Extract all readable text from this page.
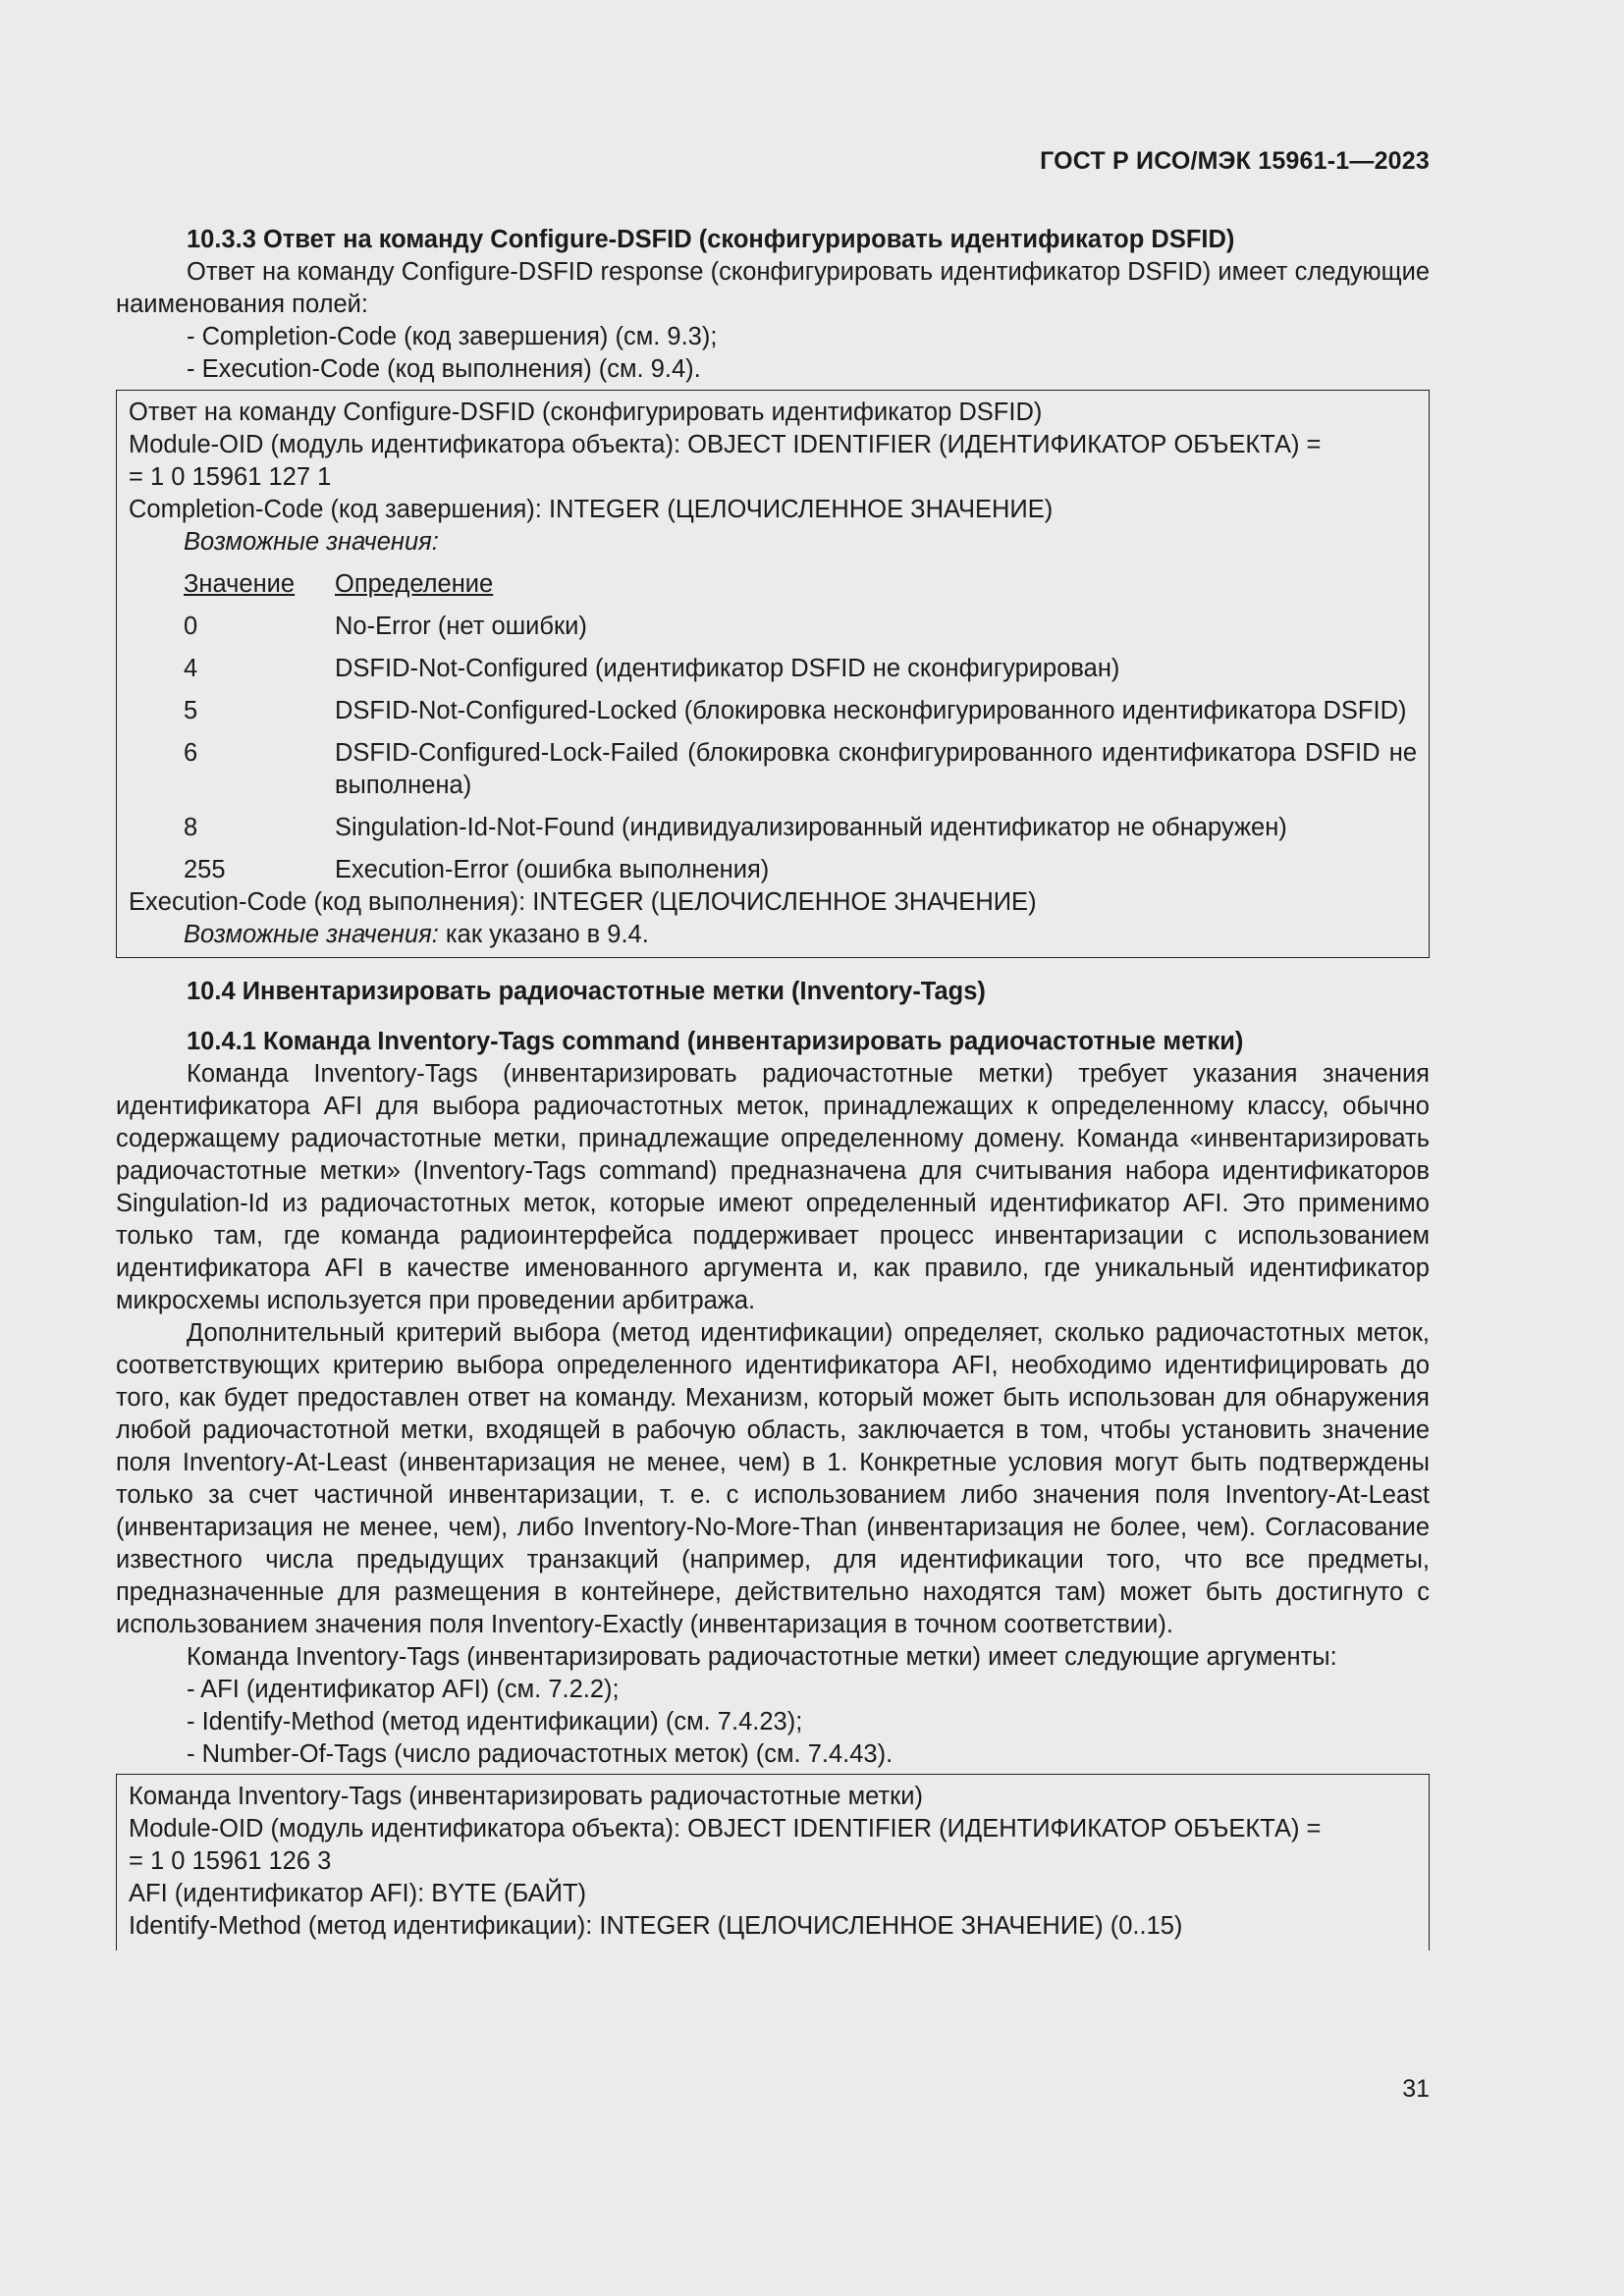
ГОСТ Р ИСО/МЭК 15961-1—2023
10.3.3 Ответ на команду Configure-DSFID (сконфигурировать идентификатор DSFID)

Ответ на команду Configure-DSFID response (сконфигурировать идентификатор DSFID) имеет следующие наименования полей:

- Completion-Code (код завершения) (см. 9.3);
- Execution-Code (код выполнения) (см. 9.4).
Ответ на команду Configure-DSFID (сконфигурировать идентификатор DSFID)
Module-OID (модуль идентификатора объекта): OBJECT IDENTIFIER (ИДЕНТИФИКАТОР ОБЪЕКТА) =
= 1 0 15961 127 1
Completion-Code (код завершения): INTEGER (ЦЕЛОЧИСЛЕННОЕ ЗНАЧЕНИЕ)
Возможные значения:
Значение	Определение
0	No-Error (нет ошибки)
4	DSFID-Not-Configured (идентификатор DSFID не сконфигурирован)
5	DSFID-Not-Configured-Locked (блокировка несконфигурированного идентификатора DSFID)
6	DSFID-Configured-Lock-Failed (блокировка сконфигурированного идентификатора DSFID не выполнена)
8	Singulation-Id-Not-Found (индивидуализированный идентификатор не обнаружен)
255	Execution-Error (ошибка выполнения)
Execution-Code (код выполнения): INTEGER (ЦЕЛОЧИСЛЕННОЕ ЗНАЧЕНИЕ)
Возможные значения: как указано в 9.4.
10.4 Инвентаризировать радиочастотные метки (Inventory-Tags)
10.4.1 Команда Inventory-Tags command (инвентаризировать радиочастотные метки)

Команда Inventory-Tags (инвентаризировать радиочастотные метки) требует указания значения идентификатора AFI для выбора радиочастотных меток, принадлежащих к определенному классу, обычно содержащему радиочастотные метки, принадлежащие определенному домену. Команда «инвентаризировать радиочастотные метки» (Inventory-Tags command) предназначена для считывания набора идентификаторов Singulation-Id из радиочастотных меток, которые имеют определенный идентификатор AFI. Это применимо только там, где команда радиоинтерфейса поддерживает процесс инвентаризации с использованием идентификатора AFI в качестве именованного аргумента и, как правило, где уникальный идентификатор микросхемы используется при проведении арбитража.

Дополнительный критерий выбора (метод идентификации) определяет, сколько радиочастотных меток, соответствующих критерию выбора определенного идентификатора AFI, необходимо идентифицировать до того, как будет предоставлен ответ на команду. Механизм, который может быть использован для обнаружения любой радиочастотной метки, входящей в рабочую область, заключается в том, чтобы установить значение поля Inventory-At-Least (инвентаризация не менее, чем) в 1. Конкретные условия могут быть подтверждены только за счет частичной инвентаризации, т. е. с использованием либо значения поля Inventory-At-Least (инвентаризация не менее, чем), либо Inventory-No-More-Than (инвентаризация не более, чем). Согласование известного числа предыдущих транзакций (например, для идентификации того, что все предметы, предназначенные для размещения в контейнере, действительно находятся там) может быть достигнуто с использованием значения поля Inventory-Exactly (инвентаризация в точном соответствии).

Команда Inventory-Tags (инвентаризировать радиочастотные метки) имеет следующие аргументы:

- AFI (идентификатор AFI) (см. 7.2.2);
- Identify-Method (метод идентификации) (см. 7.4.23);
- Number-Of-Tags (число радиочастотных меток) (см. 7.4.43).
Команда Inventory-Tags (инвентаризировать радиочастотные метки)
Module-OID (модуль идентификатора объекта): OBJECT IDENTIFIER (ИДЕНТИФИКАТОР ОБЪЕКТА) =
= 1 0 15961 126 3
AFI (идентификатор AFI): BYTE (БАЙТ)
Identify-Method (метод идентификации): INTEGER (ЦЕЛОЧИСЛЕННОЕ ЗНАЧЕНИЕ) (0..15)
31
